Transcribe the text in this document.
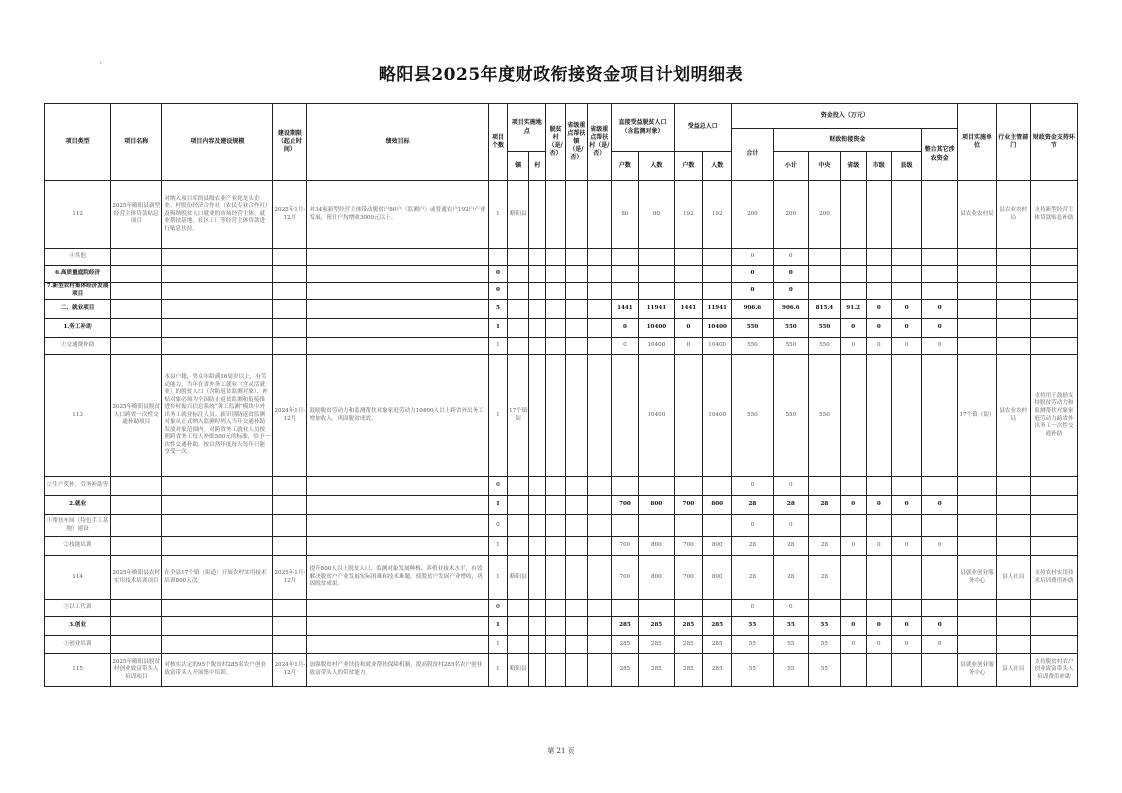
'	略阳县2025年度财政衔接资金项目计划明细表
项目类型	项目名称	项目内容及建设规模	建设期限（起止时间）	绩效目标	项目个数	项目实施地点		脱贫村（是/否）	省级重点帮扶镇（是/否）	省级重点帮扶村（是/否）	直接受益脱贫人口（含监测对象）		受益总人口		资金投入（万元）							项目实施单位	行业主管部门	财政资金支持环节
															合计	财政衔接资金					整合其它涉农资金			
						镇	村				户数	人数	户数	人数		小计	中央	省级	市级	县级				
112	2025年略阳县新型经营主体贷款贴息项目	对纳入项目库的县级农业产业化龙头企业、村股份经济合作社（农民专业合作社）及吸纳脱贫人口就业的市场经营主体、就业帮扶基地、社区工厂等经营主体贷款进行贴息扶持。	2025年1月-12月	对34家新型经营主体带动脱贫户80户（监测户）或普通农户192户产业发展，预计户均增收3000元以上。	1	略阳县					80	80	192	192	200	200	200					县农业农村局	县农业农村局	支持新型经营主体贷款贴息补助
④其他															0	0								
6.高质量庭院经济					0										0	0								
7.新型农村集体经济发展项目					0										0	0								
二、就业项目					5						1441	11941	1441	11941	906.6	906.6	815.4	91.2	0	0	0			
1.务工补助					1						0	10400	0	10400	550	550	550	0	0	0	0			
①交通费补助					1						0	10400	0	10400	550	550	550	0	0	0	0			
113	2025年略阳县脱贫人口跨省一次性交通补助项目	本县户籍，男女年龄满16周岁以上，有劳动能力，当年在省外务工就业（含灵活就业）的脱贫人口（含防返贫监测对象），补贴对象必须为全国防止返贫监测和衔接推进乡村振兴信息系统“务工监测”模块中外出务工就业标注人员。新识别防返贫监测对象从正式纳入监测时列入当年交通补助发放对象范围内。对跨省务工就业人员按照跨省务工每人补贴500元的标准，给予一次性交通补助，按自然年度每人每年只能享受一次。	2024年1月-12月	鼓励脱贫劳动力和监测帮扶对象家庭劳动力10400人以上跨省外出务工增加收入，巩固脱贫成效。	1	17个镇街						10400		10400	550	550	550					17个镇（街）	县农业农村局	支持用于鼓励支持脱贫劳动力和监测帮扶对象家庭劳动力跨省外出务工一次性交通补助
②生产奖补、劳务补助等					0										0	0								
2.就业					1						700	800	700	800	28	28	28	0	0	0	0			
①帮扶车间（特色手工基地）建设					0										0	0								
②技能培训					1						700	800	700	800	28	28	28	0	0	0	0			
114	2025年略阳县农村实用技术培训项目	在全县17个镇（街道）开展农村实用技术培训800人次。	2025年1月-12月	提升800人以上脱贫人口、监测对象发展种植、养殖业技术水平，有效解决脱贫户产业发展实际困难和技术难题，使脱贫户发展产业增收，巩固脱贫成果。	1	略阳县					700	800	700	800	28	28	28					县就业创业服务中心	县人社局	支持农村实用技术培训费用补助
③以工代训					0										0	0								
3.创业					1						285	285	285	285	55	55	55	0	0	0	0			
①创业培训					1						285	285	285	285	55	55	55	0	0	0	0			
115	2025年略阳县脱贫村创业致富带头人培训项目	对核实认定的95个脱贫村285名农户创业致富带头人开展集中培训。	2024年1月-12月	加强脱贫村产业扶持和就业帮扶保障机制，提高脱贫村285名农户创业致富带头人的带贫能力。	1	略阳县					285	285	285	285	55	55	55					县就业创业服务中心	县人社局	支持脱贫村农户创业致富带头人培训费用补助
第 21 页
